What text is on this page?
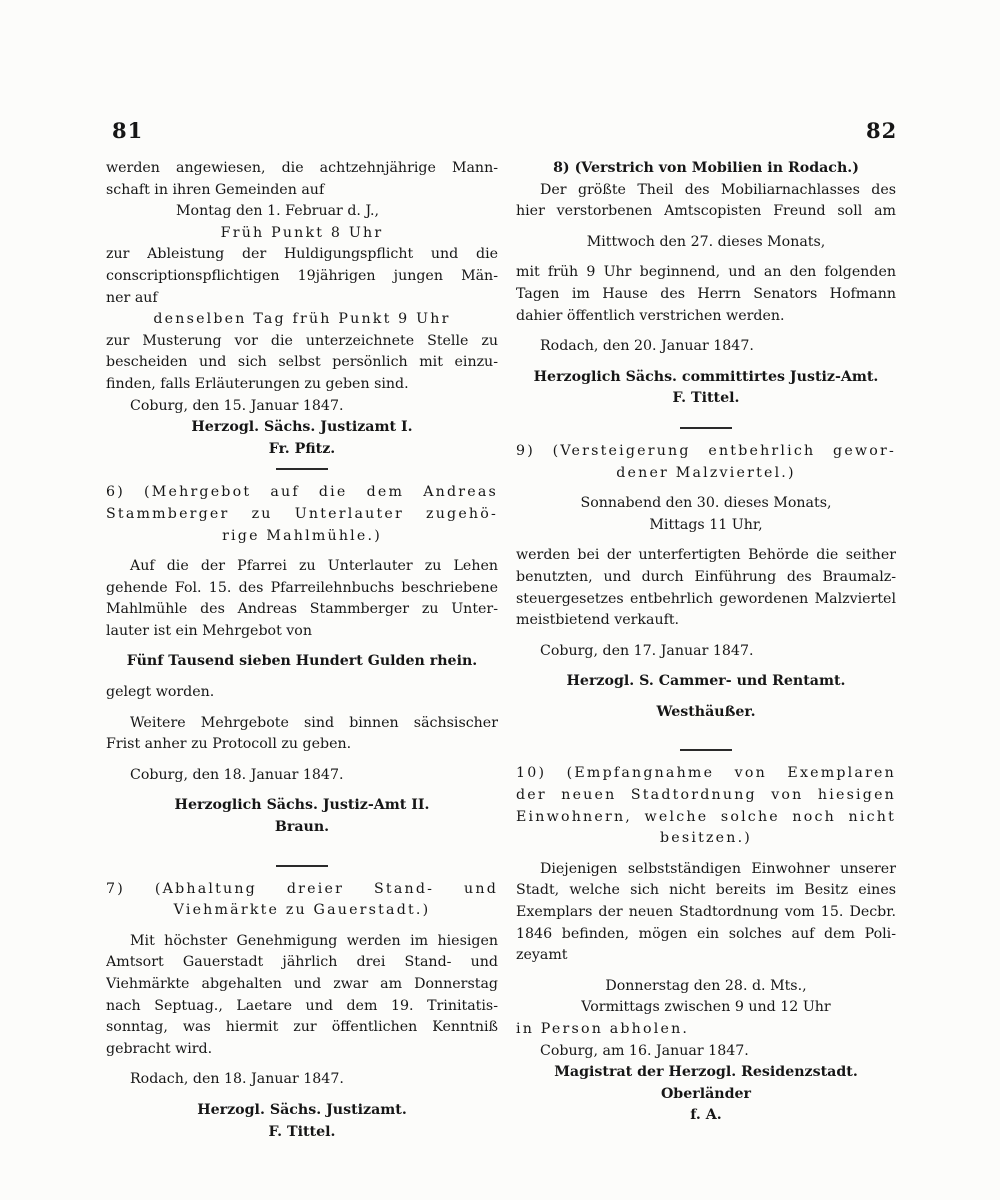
81	82
werden angewiesen, die achtzehnjährige Mann-
schaft in ihren Gemeinden auf
Montag den 1. Februar d. J.,
Früh Punkt 8 Uhr
zur Ableistung der Huldigungspflicht und die
conscriptionspflichtigen 19jährigen jungen Män-
ner auf
denselben Tag früh Punkt 9 Uhr
zur Musterung vor die unterzeichnete Stelle zu
bescheiden und sich selbst persönlich mit einzu-
finden, falls Erläuterungen zu geben sind.
Coburg, den 15. Januar 1847.
Herzogl. Sächs. Justizamt I.
Fr. Pfitz.
6) (Mehrgebot auf die dem Andreas
Stammberger zu Unterlauter zugehö-
rige Mahlmühle.)
Auf die der Pfarrei zu Unterlauter zu Lehen
gehende Fol. 15. des Pfarreilehnbuchs beschriebene
Mahlmühle des Andreas Stammberger zu Unter-
lauter ist ein Mehrgebot von
Fünf Tausend sieben Hundert Gulden rhein.
gelegt worden.
Weitere Mehrgebote sind binnen sächsischer
Frist anher zu Protocoll zu geben.
Coburg, den 18. Januar 1847.
Herzoglich Sächs. Justiz-Amt II.
Braun.
7) (Abhaltung dreier Stand- und
Viehmärkte zu Gauerstadt.)
Mit höchster Genehmigung werden im hiesigen
Amtsort Gauerstadt jährlich drei Stand- und
Viehmärkte abgehalten und zwar am Donnerstag
nach Septuag., Laetare und dem 19. Trinitatis-
sonntag, was hiermit zur öffentlichen Kenntniß
gebracht wird.
Rodach, den 18. Januar 1847.
Herzogl. Sächs. Justizamt.
F. Tittel.
8) (Verstrich von Mobilien in Rodach.)
Der größte Theil des Mobiliarnachlasses des
hier verstorbenen Amtscopisten Freund soll am
Mittwoch den 27. dieses Monats,
mit früh 9 Uhr beginnend, und an den folgenden
Tagen im Hause des Herrn Senators Hofmann
dahier öffentlich verstrichen werden.
Rodach, den 20. Januar 1847.
Herzoglich Sächs. committirtes Justiz-Amt.
F. Tittel.
9) (Versteigerung entbehrlich gewor-
dener Malzviertel.)
Sonnabend den 30. dieses Monats,
Mittags 11 Uhr,
werden bei der unterfertigten Behörde die seither
benutzten, und durch Einführung des Braumalz-
steuergesetzes entbehrlich gewordenen Malzviertel
meistbietend verkauft.
Coburg, den 17. Januar 1847.
Herzogl. S. Cammer- und Rentamt.
Westhäußer.
10) (Empfangnahme von Exemplaren
der neuen Stadtordnung von hiesigen
Einwohnern, welche solche noch nicht
besitzen.)
Diejenigen selbstständigen Einwohner unserer
Stadt, welche sich nicht bereits im Besitz eines
Exemplars der neuen Stadtordnung vom 15. Decbr.
1846 befinden, mögen ein solches auf dem Poli-
zeyamt
Donnerstag den 28. d. Mts.,
Vormittags zwischen 9 und 12 Uhr
in Person abholen.
Coburg, am 16. Januar 1847.
Magistrat der Herzogl. Residenzstadt.
Oberländer
f. A.
